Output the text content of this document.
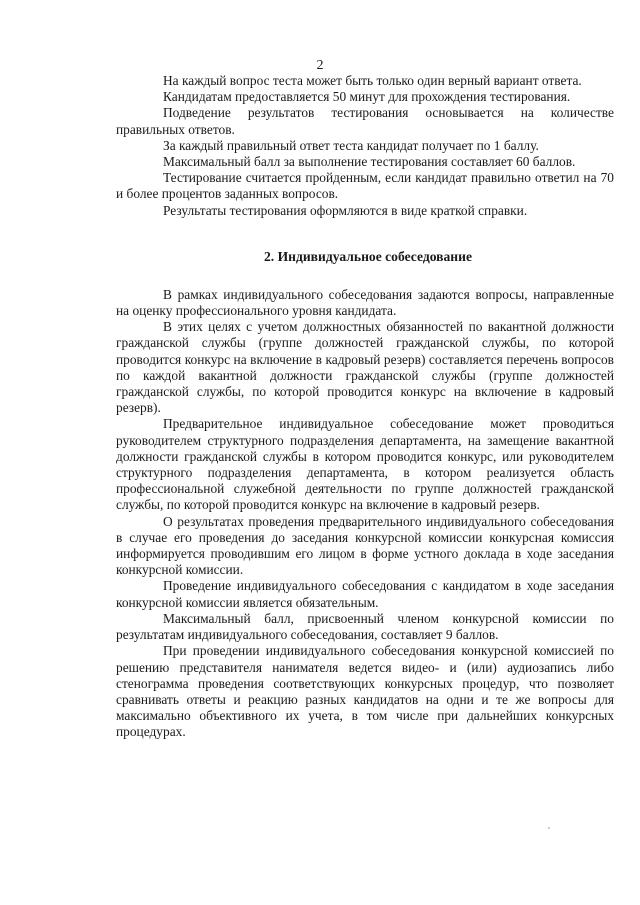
2

На каждый вопрос теста может быть только один верный вариант ответа.

Кандидатам предоставляется 50 минут для прохождения тестирования.

Подведение результатов тестирования основывается на количестве правильных ответов.

За каждый правильный ответ теста кандидат получает по 1 баллу.

Максимальный балл за выполнение тестирования составляет 60 баллов.

Тестирование считается пройденным, если кандидат правильно ответил на 70 и более процентов заданных вопросов.

Результаты тестирования оформляются в виде краткой справки.

2. Индивидуальное собеседование

В рамках индивидуального собеседования задаются вопросы, направленные на оценку профессионального уровня кандидата.

В этих целях с учетом должностных обязанностей по вакантной должности гражданской службы (группе должностей гражданской службы, по которой проводится конкурс на включение в кадровый резерв) составляется перечень вопросов по каждой вакантной должности гражданской службы (группе должностей гражданской службы, по которой проводится конкурс на включение в кадровый резерв).

Предварительное индивидуальное собеседование может проводиться руководителем структурного подразделения департамента, на замещение вакантной должности гражданской службы в котором проводится конкурс, или руководителем структурного подразделения департамента, в котором реализуется область профессиональной служебной деятельности по группе должностей гражданской службы, по которой проводится конкурс на включение в кадровый резерв.

О результатах проведения предварительного индивидуального собеседования в случае его проведения до заседания конкурсной комиссии конкурсная комиссия информируется проводившим его лицом в форме устного доклада в ходе заседания конкурсной комиссии.

Проведение индивидуального собеседования с кандидатом в ходе заседания конкурсной комиссии является обязательным.

Максимальный балл, присвоенный членом конкурсной комиссии по результатам индивидуального собеседования, составляет 9 баллов.

При проведении индивидуального собеседования конкурсной комиссией по решению представителя нанимателя ведется видео- и (или) аудиозапись либо стенограмма проведения соответствующих конкурсных процедур, что позволяет сравнивать ответы и реакцию разных кандидатов на одни и те же вопросы для максимально объективного их учета, в том числе при дальнейших конкурсных процедурах.
